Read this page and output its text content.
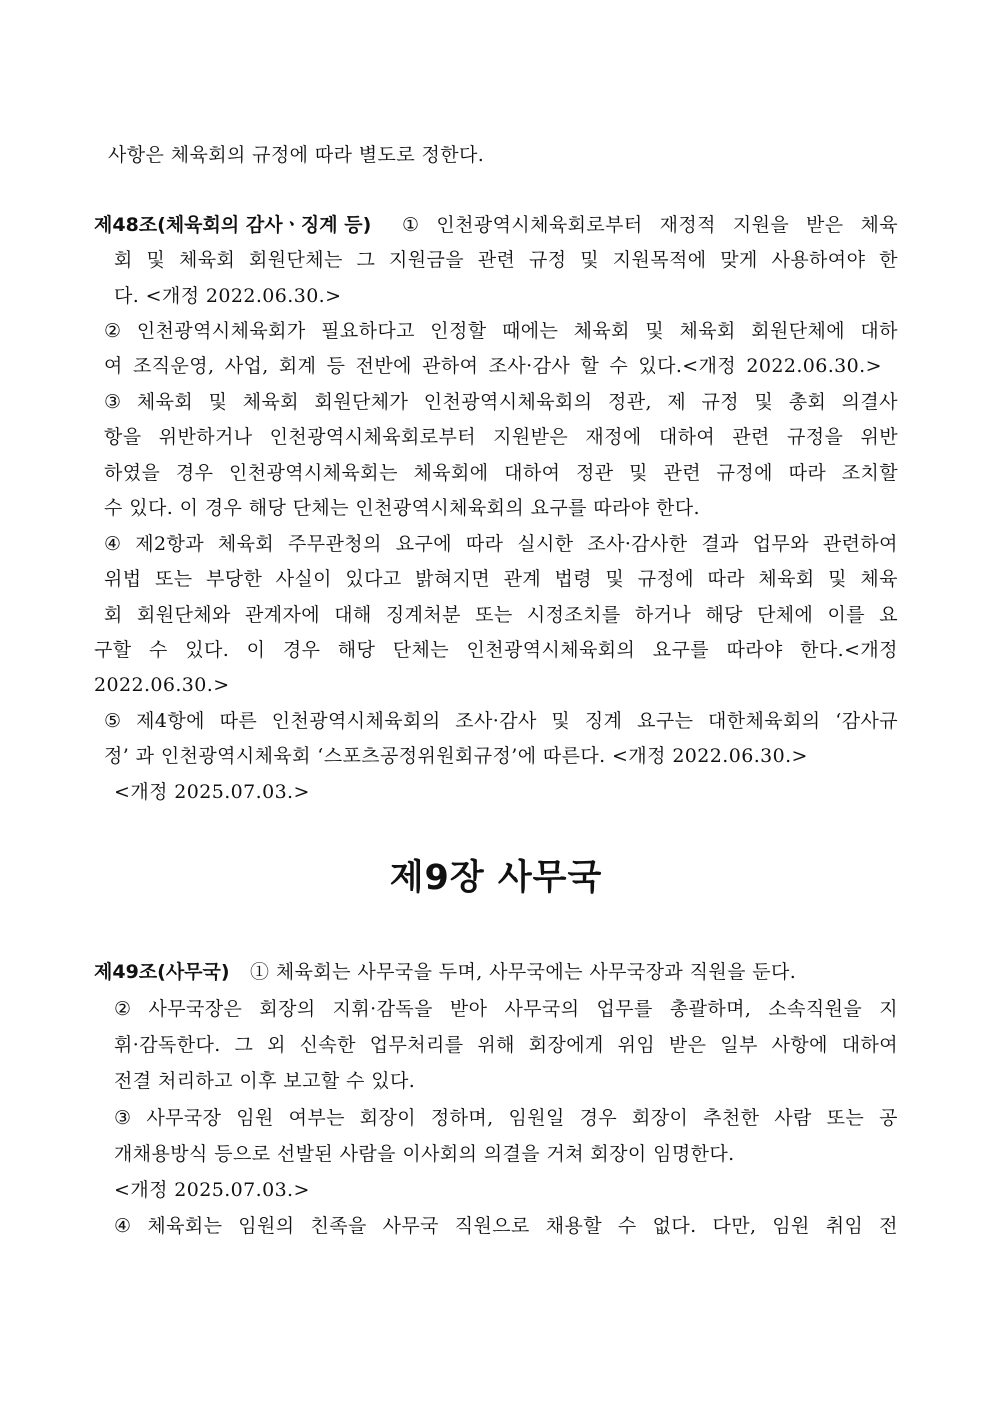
사항은 체육회의 규정에 따라 별도로 정한다.
제48조(체육회의 감사ㆍ징계 등) ① 인천광역시체육회로부터 재정적 지원을 받은 체육
회 및 체육회 회원단체는 그 지원금을 관련 규정 및 지원목적에 맞게 사용하여야 한
다. <개정 2022.06.30.>
② 인천광역시체육회가 필요하다고 인정할 때에는 체육회 및 체육회 회원단체에 대하
여 조직운영, 사업, 회계 등 전반에 관하여 조사·감사 할 수 있다.<개정 2022.06.30.>
③ 체육회 및 체육회 회원단체가 인천광역시체육회의 정관, 제 규정 및 총회 의결사
항을 위반하거나 인천광역시체육회로부터 지원받은 재정에 대하여 관련 규정을 위반
하였을 경우 인천광역시체육회는 체육회에 대하여 정관 및 관련 규정에 따라 조치할
수 있다. 이 경우 해당 단체는 인천광역시체육회의 요구를 따라야 한다.
④ 제2항과 체육회 주무관청의 요구에 따라 실시한 조사·감사한 결과 업무와 관련하여
위법 또는 부당한 사실이 있다고 밝혀지면 관계 법령 및 규정에 따라 체육회 및 체육
회 회원단체와 관계자에 대해 징계처분 또는 시정조치를 하거나 해당 단체에 이를 요
구할 수 있다. 이 경우 해당 단체는 인천광역시체육회의 요구를 따라야 한다.<개정
2022.06.30.>
⑤ 제4항에 따른 인천광역시체육회의 조사·감사 및 징계 요구는 대한체육회의 ‘감사규
정’ 과 인천광역시체육회 ‘스포츠공정위원회규정’에 따른다. <개정 2022.06.30.>
<개정 2025.07.03.>
제9장 사무국
제49조(사무국) ① 체육회는 사무국을 두며, 사무국에는 사무국장과 직원을 둔다.
② 사무국장은 회장의 지휘·감독을 받아 사무국의 업무를 총괄하며, 소속직원을 지
휘·감독한다. 그 외 신속한 업무처리를 위해 회장에게 위임 받은 일부 사항에 대하여
전결 처리하고 이후 보고할 수 있다.
③ 사무국장 임원 여부는 회장이 정하며, 임원일 경우 회장이 추천한 사람 또는 공
개채용방식 등으로 선발된 사람을 이사회의 의결을 거쳐 회장이 임명한다.
<개정 2025.07.03.>
④ 체육회는 임원의 친족을 사무국 직원으로 채용할 수 없다. 다만, 임원 취임 전
